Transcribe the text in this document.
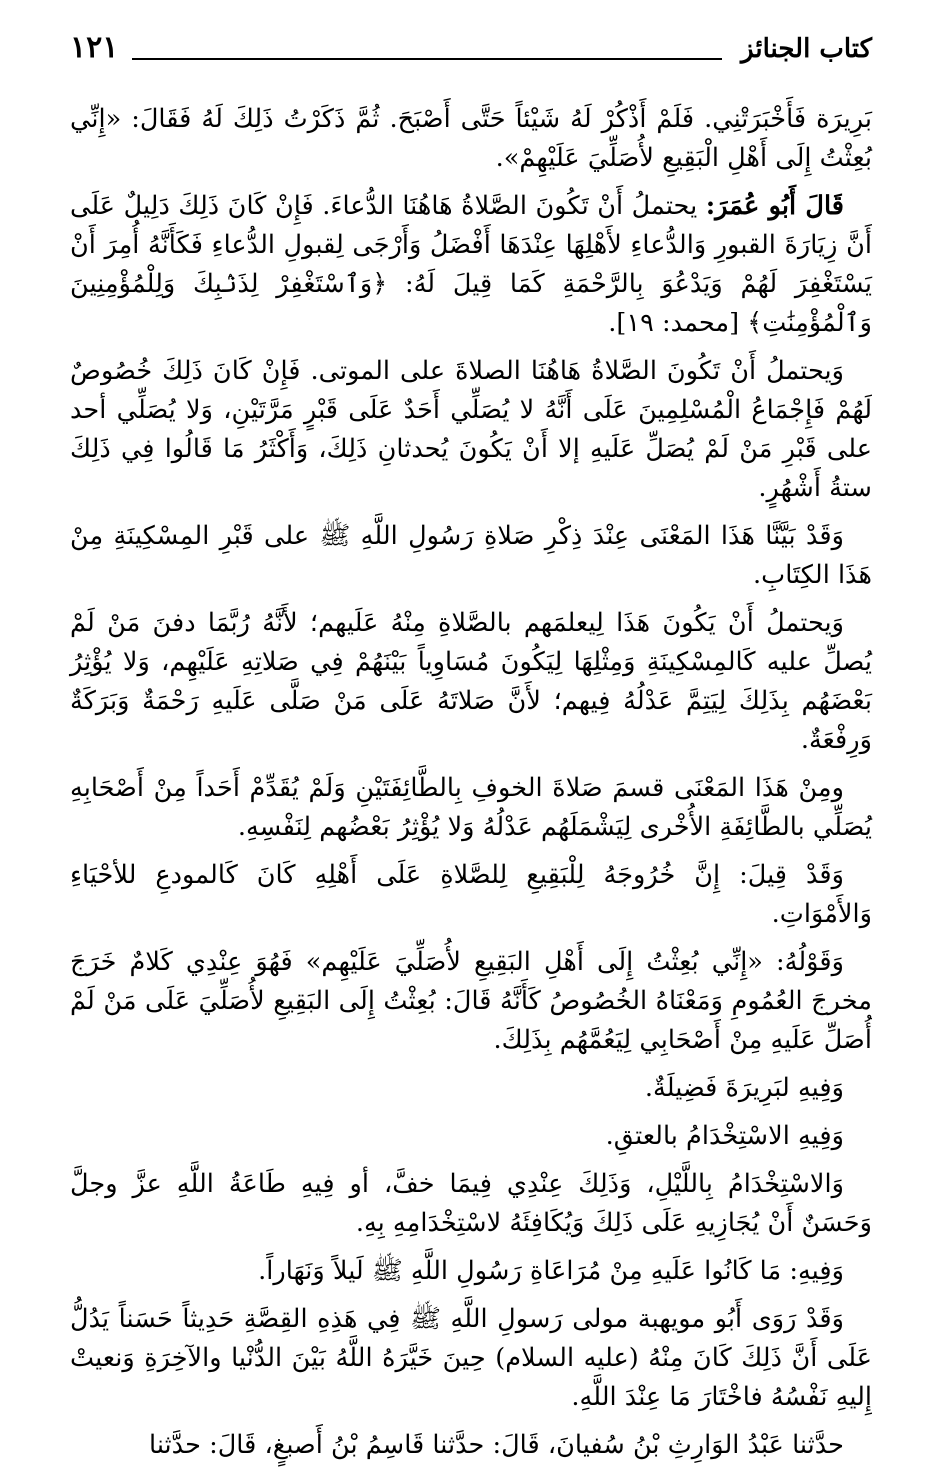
كتاب الجنائز
١٢١

بَرِيرَة فَأَخْبَرَتْنِي. فَلَمْ أَذْكُرْ لَهُ شَيْئاً حَتَّى أَصْبَحَ. ثُمَّ ذَكَرْتُ ذَلِكَ لَهُ فَقَالَ: «إِنِّي بُعِثْتُ إِلَى أَهْلِ الْبَقِيعِ لأُصَلِّيَ عَلَيْهِمْ».

قَالَ أَبُو عُمَرَ: يحتملُ أَنْ تَكُونَ الصَّلاةُ هَاهُنَا الدُّعاءَ. فَإِنْ كَانَ ذَلِكَ دَلِيلٌ عَلَى أَنَّ زِيَارَةَ القبورِ وَالدُّعاءِ لأَهْلِهَا عِنْدَهَا أَفْضَلُ وَأَرْجَى لِقبولِ الدُّعاءِ فَكَأَنَّهُ أُمِرَ أَنْ يَسْتَغْفِرَ لَهُمْ وَيَدْعُوَ بِالرَّحْمَةِ كَمَا قِيلَ لَهُ: ﴿وَٱسْتَغْفِرْ لِذَنۢبِكَ وَلِلْمُؤْمِنِينَ وَٱلْمُؤْمِنَٰتِ﴾ [محمد: ١٩].

وَيحتملُ أَنْ تَكُونَ الصَّلاةُ هَاهُنَا الصلاةَ على الموتى. فَإِنْ كَانَ ذَلِكَ خُصُوصٌ لَهُمْ فَإِجْمَاعُ الْمُسْلِمِينَ عَلَى أَنَّهُ لا يُصَلِّي أَحَدٌ عَلَى قَبْرٍ مَرَّتَيْنِ، وَلا يُصَلِّي أحد على قَبْرِ مَنْ لَمْ يُصَلِّ عَلَيهِ إلا أَنْ يَكُونَ يُحدثانِ ذَلِكَ، وَأَكْثَرُ مَا قَالُوا فِي ذَلِكَ ستةُ أَشْهُرٍ.

وَقَدْ بَيَّنَّا هَذَا المَعْنَى عِنْدَ ذِكْرِ صَلاةِ رَسُولِ اللَّهِ ﷺ على قَبْرِ المِسْكِينَةِ مِنْ هَذَا الكِتَابِ.

وَيحتملُ أَنْ يَكُونَ هَذَا لِيعلمَهم بالصَّلاةِ مِنْهُ عَلَيهم؛ لأَنَّهُ رُبَّمَا دفنَ مَنْ لَمْ يُصلِّ عليه كَالمِسْكِينَةِ وَمِثْلِهَا لِيَكُونَ مُسَاوِياً بَيْنَهُمْ فِي صَلاتِهِ عَلَيْهِم، وَلا يُؤْثِرُ بَعْضَهُم بِذَلِكَ لِيَتِمَّ عَدْلُهُ فِيهم؛ لأَنَّ صَلاتَهُ عَلَى مَنْ صَلَّى عَلَيهِ رَحْمَةٌ وَبَرَكَةٌ وَرِفْعَةٌ.

ومِنْ هَذَا المَعْنَى قسمَ صَلاةَ الخوفِ بِالطَّائِفَتَيْنِ وَلَمْ يُقَدِّمْ أَحَداً مِنْ أَصْحَابِهِ يُصَلِّي بالطَّائِفَةِ الأُخْرى لِيَشْمَلَهُم عَدْلُهُ وَلا يُؤْثِرُ بَعْضُهم لِنَفْسِهِ.

وَقَدْ قِيلَ: إِنَّ خُرُوجَهُ لِلْبَقِيعِ لِلصَّلاةِ عَلَى أَهْلِهِ كَانَ كَالمودعِ للأحْيَاءِ وَالأَمْوَاتِ.

وَقَوْلُهُ: «إِنِّي بُعِثْتُ إِلَى أَهْلِ البَقِيعِ لأُصَلِّيَ عَلَيْهِم» فَهُوَ عِنْدِي كَلامٌ خَرَجَ مخرجَ العُمُومِ وَمَعْنَاهُ الخُصُوصُ كَأَنَّهُ قَالَ: بُعِثْتُ إِلَى البَقِيعِ لأُصَلِّيَ عَلَى مَنْ لَمْ أُصَلِّ عَلَيهِ مِنْ أَصْحَابِي لِيَعُمَّهُم بِذَلِكَ.

وَفِيهِ لبَرِيرَةَ فَضِيلَةٌ.

وَفِيهِ الاسْتِخْدَامُ بالعتقِ.

وَالاسْتِخْدَامُ بِاللَّيْلِ، وَذَلِكَ عِنْدِي فِيمَا خفَّ، أو فِيهِ طَاعَةُ اللَّهِ عزَّ وجلَّ وَحَسَنٌ أَنْ يُجَازِيهِ عَلَى ذَلِكَ وَيُكَافِئَهُ لاسْتِخْدَامِهِ بِهِ.

وَفِيهِ: مَا كَانُوا عَلَيهِ مِنْ مُرَاعَاةِ رَسُولِ اللَّهِ ﷺ لَيلاً وَنَهَاراً.

وَقَدْ رَوَى أَبُو مويهبة مولى رَسولِ اللَّهِ ﷺ فِي هَذِهِ القِصَّةِ حَدِيثاً حَسَناً يَدُلُّ عَلَى أَنَّ ذَلِكَ كَانَ مِنْهُ (عليه السلام) حِينَ خَيَّرَهُ اللَّهُ بَيْنَ الدُّنْيا والآخِرَةِ وَنعيتْ إِليهِ نَفْسُهُ فاخْتَارَ مَا عِنْدَ اللَّهِ.

حدَّثنا عَبْدُ الوَارِثِ بْنُ سُفيانَ، قَالَ: حدَّثنا قَاسِمُ بْنُ أَصبغٍ، قَالَ: حدَّثنا
